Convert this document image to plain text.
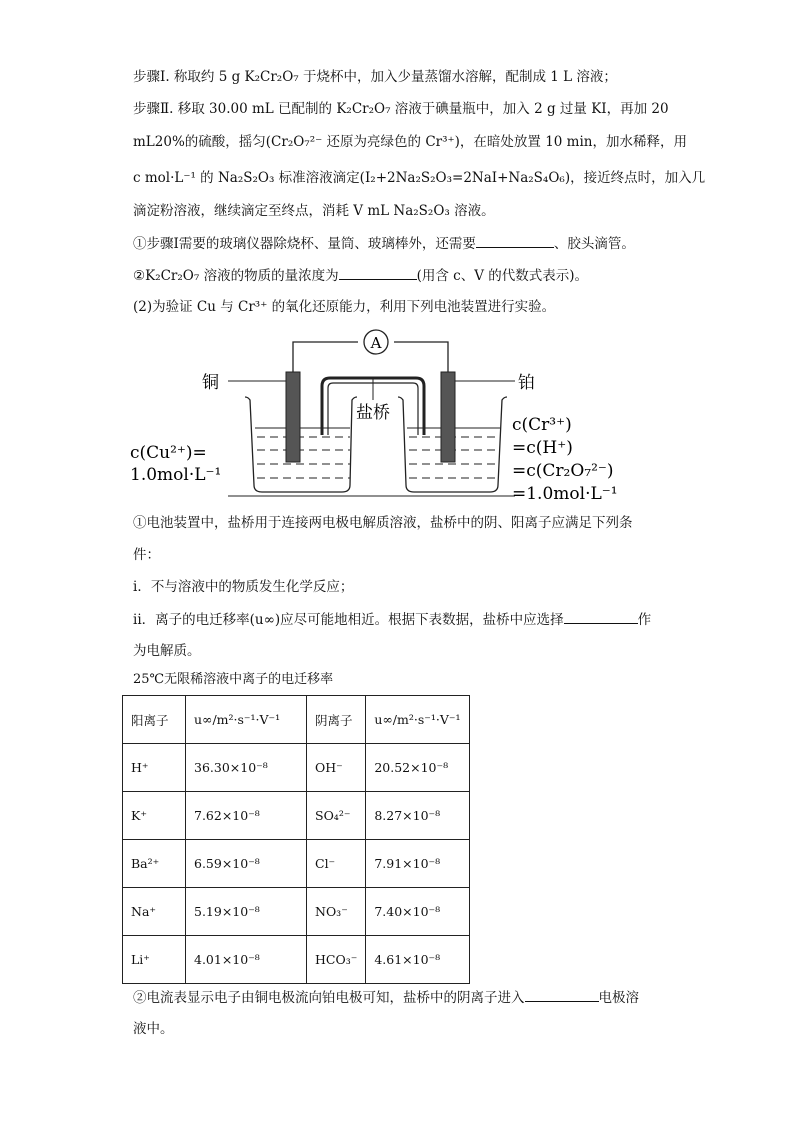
步骤Ⅰ. 称取约 5 g K₂Cr₂O₇ 于烧杯中，加入少量蒸馏水溶解，配制成 1 L 溶液；
步骤Ⅱ. 移取 30.00 mL 已配制的 K₂Cr₂O₇ 溶液于碘量瓶中，加入 2 g 过量 KI，再加 20
mL20%的硫酸，摇匀(Cr₂O₇²⁻ 还原为亮绿色的 Cr³⁺)，在暗处放置 10 min，加水稀释，用
c mol·L⁻¹ 的 Na₂S₂O₃ 标准溶液滴定(I₂+2Na₂S₂O₃=2NaI+Na₂S₄O₆)，接近终点时，加入几
滴淀粉溶液，继续滴定至终点，消耗 V mL Na₂S₂O₃ 溶液。
①步骤Ⅰ需要的玻璃仪器除烧杯、量筒、玻璃棒外，还需要	、胶头滴管。
②K₂Cr₂O₇ 溶液的物质的量浓度为	(用含 c、V 的代数式表示)。
(2)为验证 Cu 与 Cr³⁺ 的氧化还原能力，利用下列电池装置进行实验。
A
盐桥
铜	铂
c(Cu²⁺)=
1.0mol·L⁻¹
c(Cr³⁺)
=c(H⁺)
=c(Cr₂O₇²⁻)
=1.0mol·L⁻¹
①电池装置中，盐桥用于连接两电极电解质溶液，盐桥中的阴、阳离子应满足下列条
件：
i．不与溶液中的物质发生化学反应；
ii．离子的电迁移率(u∞)应尽可能地相近。根据下表数据，盐桥中应选择	作
为电解质。
25℃无限稀溶液中离子的电迁移率
阳离子	u∞/m²·s⁻¹·V⁻¹	阴离子	u∞/m²·s⁻¹·V⁻¹
H⁺	36.30×10⁻⁸	OH⁻	20.52×10⁻⁸
K⁺	7.62×10⁻⁸	SO₄²⁻	8.27×10⁻⁸
Ba²⁺	6.59×10⁻⁸	Cl⁻	7.91×10⁻⁸
Na⁺	5.19×10⁻⁸	NO₃⁻	7.40×10⁻⁸
Li⁺	4.01×10⁻⁸	HCO₃⁻	4.61×10⁻⁸
②电流表显示电子由铜电极流向铂电极可知，盐桥中的阴离子进入	电极溶
液中。
